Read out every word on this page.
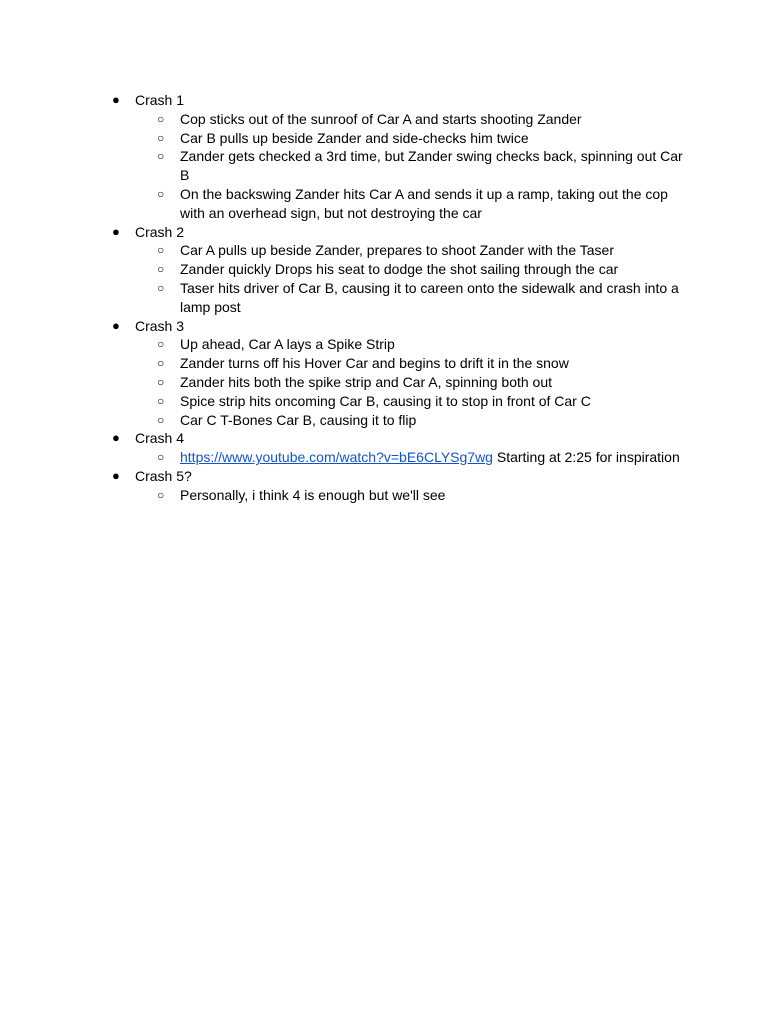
● Crash 1
○	Cop sticks out of the sunroof of Car A and starts shooting Zander
○	Car B pulls up beside Zander and side-checks him twice
○	Zander gets checked a 3rd time, but Zander swing checks back, spinning out Car B
○	On the backswing Zander hits Car A and sends it up a ramp, taking out the cop with an overhead sign, but not destroying the car
● Crash 2
○	Car A pulls up beside Zander, prepares to shoot Zander with the Taser
○	Zander quickly Drops his seat to dodge the shot sailing through the car
○	Taser hits driver of Car B, causing it to careen onto the sidewalk and crash into a lamp post
● Crash 3
○	Up ahead, Car A lays a Spike Strip
○	Zander turns off his Hover Car and begins to drift it in the snow
○	Zander hits both the spike strip and Car A, spinning both out
○	Spice strip hits oncoming Car B, causing it to stop in front of Car C
○	Car C T-Bones Car B, causing it to flip
● Crash 4
○	https://www.youtube.com/watch?v=bE6CLYSg7wg Starting at 2:25 for inspiration
● Crash 5?
○	Personally, i think 4 is enough but we'll see
